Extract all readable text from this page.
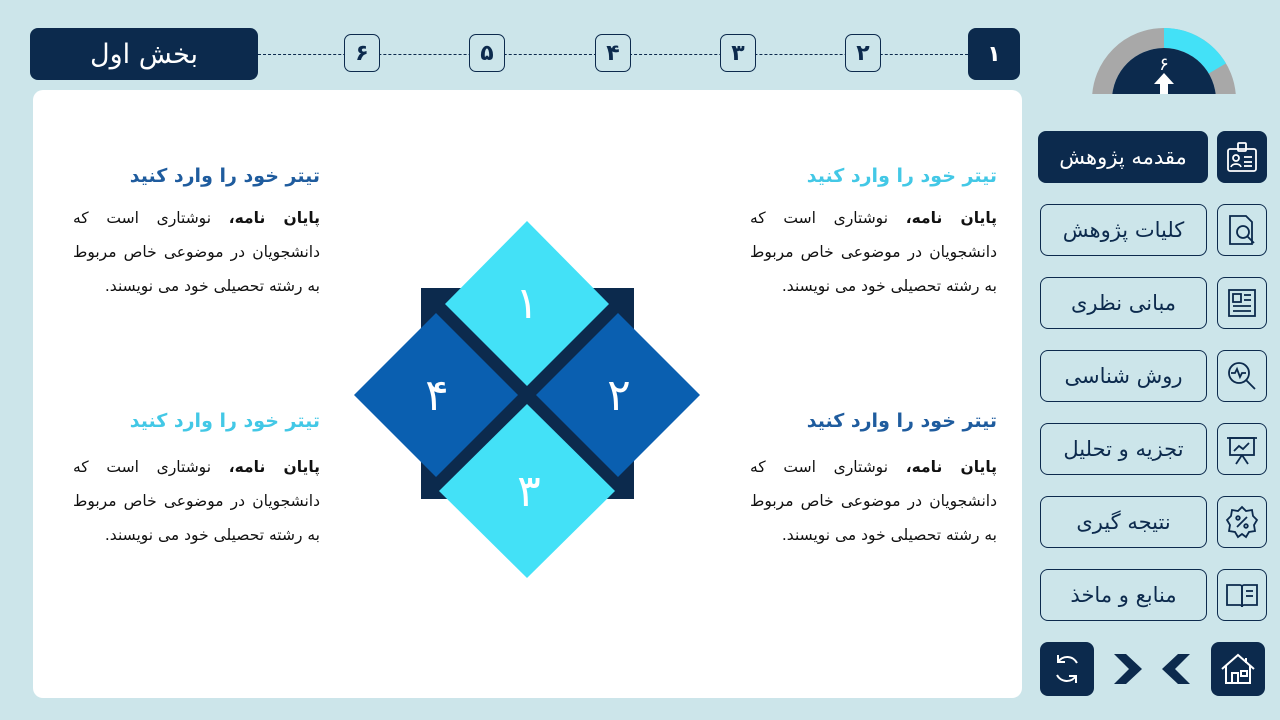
بخش اول	۶	۵	۴	۳	۲	۱	۶
۱
۲
۳
۴
تیتر خود را وارد کنید
پایان نامه، نوشتاری است که دانشجویان در موضوعی خاص مربوط به رشته تحصیلی خود می نویسند.
تیتر خود را وارد کنید
پایان نامه، نوشتاری است که دانشجویان در موضوعی خاص مربوط به رشته تحصیلی خود می نویسند.
تیتر خود را وارد کنید
پایان نامه، نوشتاری است که دانشجویان در موضوعی خاص مربوط به رشته تحصیلی خود می نویسند.
تیتر خود را وارد کنید
پایان نامه، نوشتاری است که دانشجویان در موضوعی خاص مربوط به رشته تحصیلی خود می نویسند.
مقدمه پژوهش
کلیات پژوهش
مبانی نظری
روش شناسی
تجزیه و تحلیل
نتیجه گیری
منابع و ماخذ
